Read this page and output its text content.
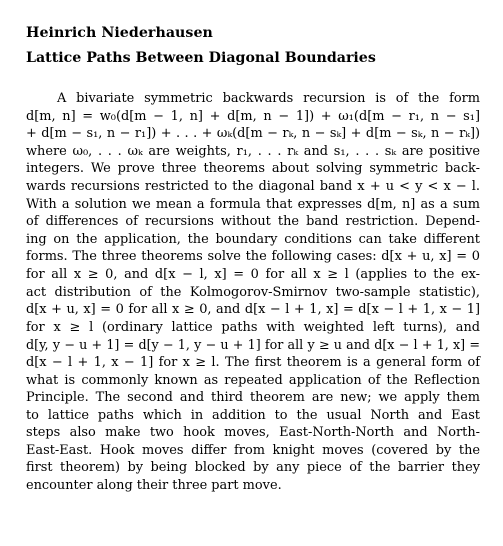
Heinrich Niederhausen
Lattice Paths Between Diagonal Boundaries
A bivariate symmetric backwards recursion is of the form
d[m, n] = w₀(d[m − 1, n] + d[m, n − 1]) + ω₁(d[m − r₁, n − s₁]
+ d[m − s₁, n − r₁]) + . . . + ωₖ(d[m − rₖ, n − sₖ] + d[m − sₖ, n − rₖ])
where ω₀, . . . ωₖ are weights, r₁, . . . rₖ and s₁, . . . sₖ are positive
integers. We prove three theorems about solving symmetric back-
wards recursions restricted to the diagonal band x + u < y < x − l.
With a solution we mean a formula that expresses d[m, n] as a sum
of differences of recursions without the band restriction. Depend-
ing on the application, the boundary conditions can take different
forms. The three theorems solve the following cases: d[x + u, x] = 0
for all x ≥ 0, and d[x − l, x] = 0 for all x ≥ l (applies to the ex-
act distribution of the Kolmogorov-Smirnov two-sample statistic),
d[x + u, x] = 0 for all x ≥ 0, and d[x − l + 1, x] = d[x − l + 1, x − 1]
for x ≥ l (ordinary lattice paths with weighted left turns), and
d[y, y − u + 1] = d[y − 1, y − u + 1] for all y ≥ u and d[x − l + 1, x] =
d[x − l + 1, x − 1] for x ≥ l. The first theorem is a general form of
what is commonly known as repeated application of the Reflection
Principle. The second and third theorem are new; we apply them
to lattice paths which in addition to the usual North and East
steps also make two hook moves, East-North-North and North-
East-East. Hook moves differ from knight moves (covered by the
first theorem) by being blocked by any piece of the barrier they
encounter along their three part move.
